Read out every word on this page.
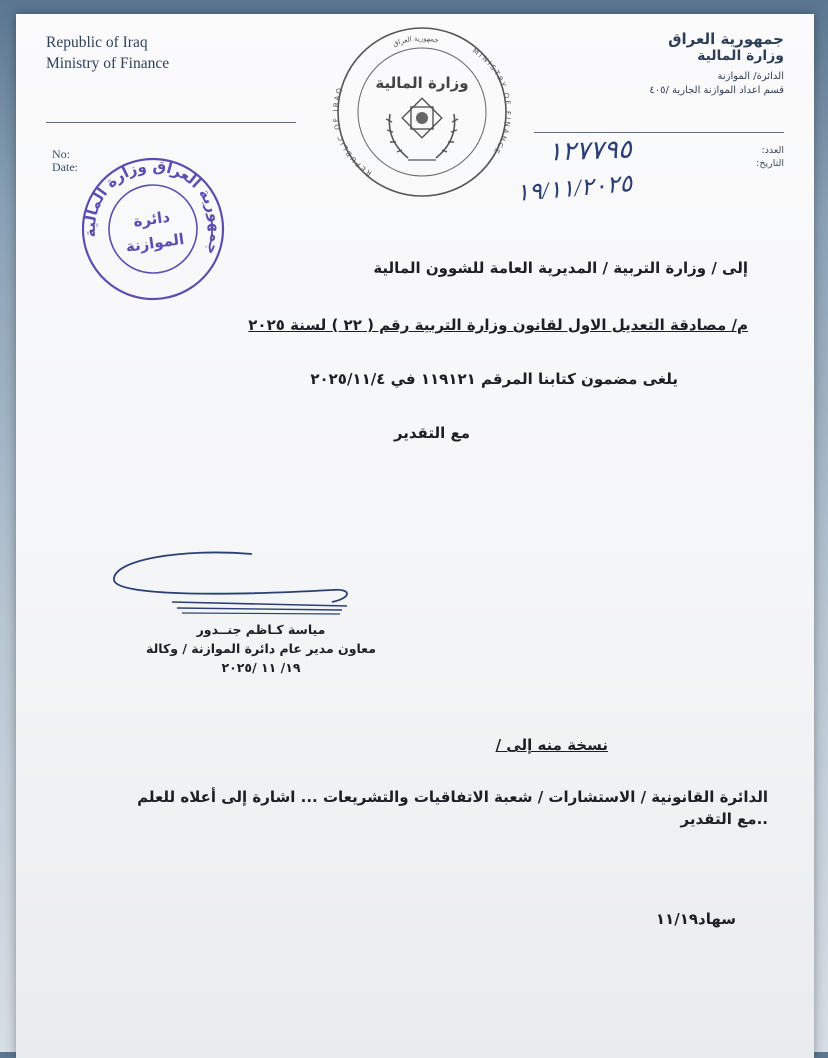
Republic of Iraq
Ministry of Finance
جمهورية العراق
وزارة المالية
الدائرة/ الموازنة
قسم اعداد الموازنة الجارية /٤٠٥
No:
Date:
العدد:
التاريخ:
١٢٧٧٩٥
١٩/١١/٢٠٢٥
REPUBLIC OF IRAQ
MINISTRY OF FINANCE
جمهورية العراق
وزارة المالية
جمهورية العراق وزارة المالية
دائرة
الموازنة
إلى / وزارة التربية / المديرية العامة للشوون المالية
م/ مصادقة التعديل الاول لقانون وزارة التربية رقم ( ٢٢ ) لسنة ٢٠٢٥
يلغى مضمون كتابنا المرقم ١١٩١٢١ في ٢٠٢٥/١١/٤
مع التقدير
مياسة كـاظم جنــدور
معاون مدير عام دائرة الموازنة / وكالة
١٩/ ١١ /٢٠٢٥
نسخة منه إلى /
الدائرة القانونية / الاستشارات / شعبة الاتفاقيات والتشريعات ... اشارة إلى أعلاه للعلم
..مع التقدير
سهاد١١/١٩
